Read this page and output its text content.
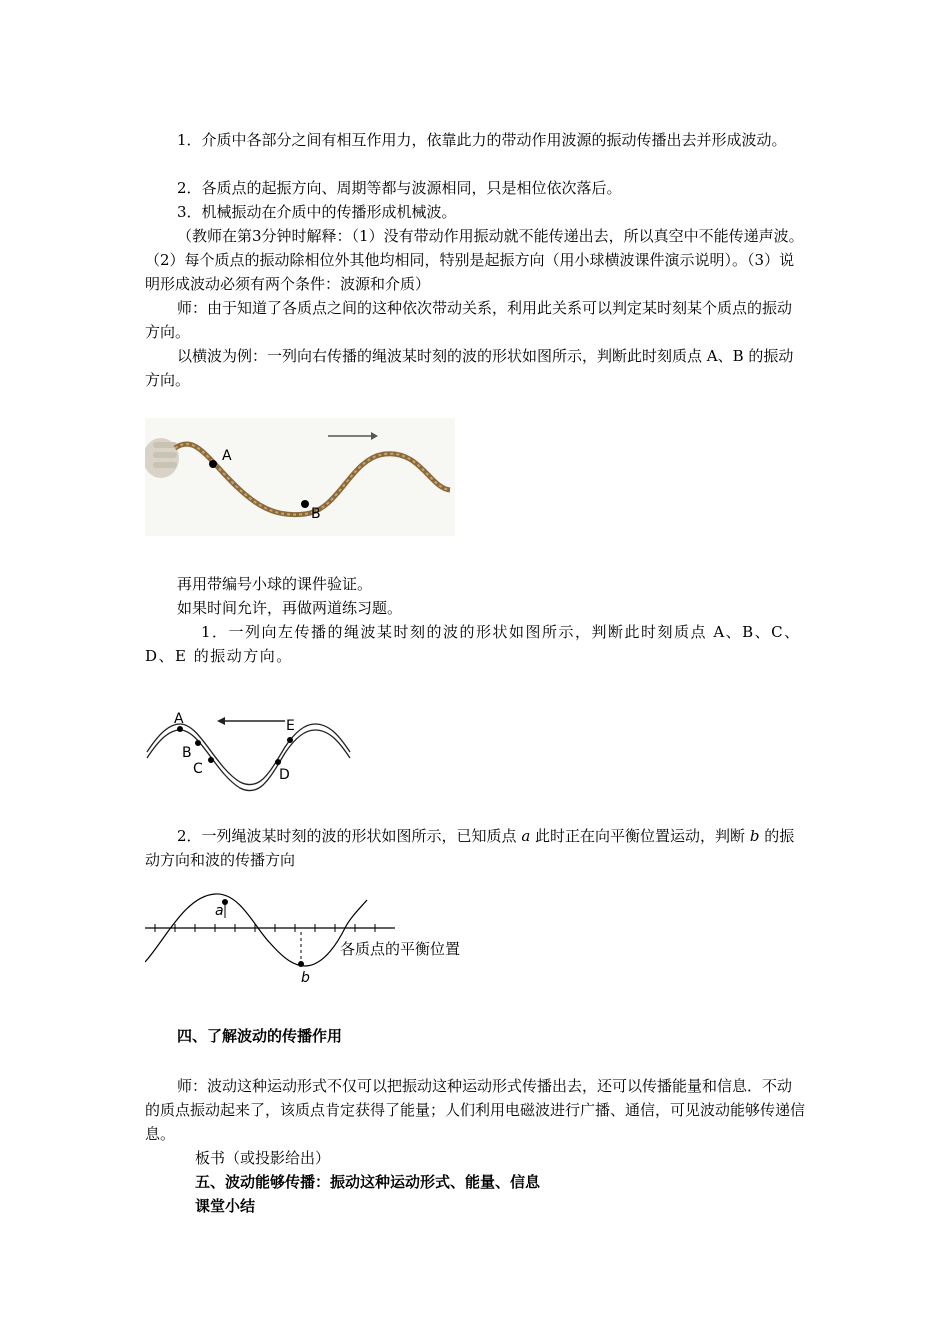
1．介质中各部分之间有相互作用力，依靠此力的带动作用波源的振动传播出去并形成波动。

2．各质点的起振方向、周期等都与波源相同，只是相位依次落后。

3．机械振动在介质中的传播形成机械波。

（教师在第3分钟时解释：（1）没有带动作用振动就不能传递出去，所以真空中不能传递声波。（2）每个质点的振动除相位外其他均相同，特别是起振方向（用小球横波课件演示说明）。（3）说明形成波动必须有两个条件：波源和介质）

师：由于知道了各质点之间的这种依次带动关系，利用此关系可以判定某时刻某个质点的振动方向。

以横波为例：一列向右传播的绳波某时刻的波的形状如图所示，判断此时刻质点 A、B 的振动方向。

A
B

再用带编号小球的课件验证。

如果时间允许，再做两道练习题。

1．一列向左传播的绳波某时刻的波的形状如图所示，判断此时刻质点 A、B、C、D、E 的振动方向。

A
B
C	D
E

2．一列绳波某时刻的波的形状如图所示，已知质点 a 此时正在向平衡位置运动，判断 b 的振动方向和波的传播方向

a
b
各质点的平衡位置

四、了解波动的传播作用

师：波动这种运动形式不仅可以把振动这种运动形式传播出去，还可以传播能量和信息．不动的质点振动起来了，该质点肯定获得了能量；人们利用电磁波进行广播、通信，可见波动能够传递信息。

板书（或投影给出）

五、波动能够传播：振动这种运动形式、能量、信息

课堂小结
